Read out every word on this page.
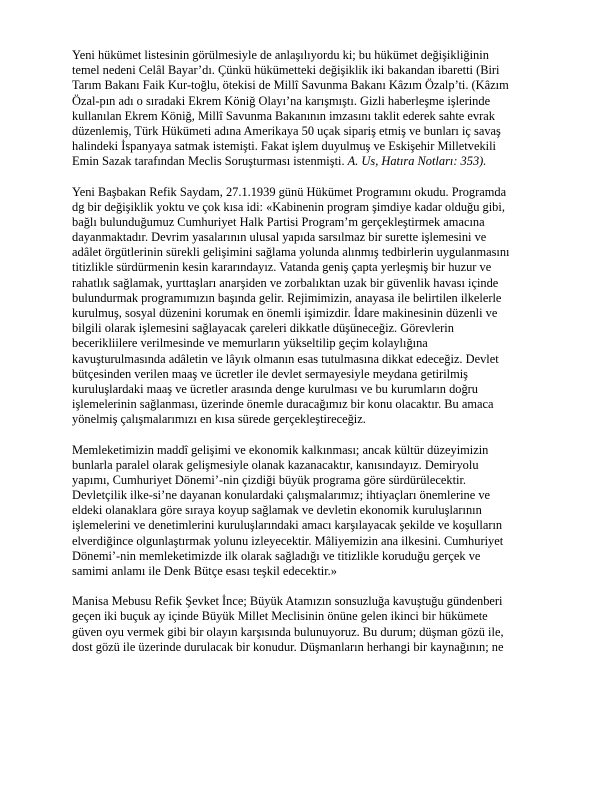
Yeni hükümet listesinin görülmesiyle de anlaşılıyordu ki; bu hükümet değişikliğinin
temel nedeni Celâl Bayar’dı. Çünkü hükümetteki değişiklik iki bakandan ibaretti (Biri
Tarım Bakanı Faik Kur-toğlu, ötekisi de Millî Savunma Bakanı Kâzım Özalp’ti. (Kâzım
Özal-pın adı o sıradaki Ekrem Köniğ Olayı’na karışmıştı. Gizli haberleşme işlerinde
kullanılan Ekrem Köniğ, Millî Savunma Bakanının imzasını taklit ederek sahte evrak
düzenlemiş, Türk Hükümeti adına Amerikaya 50 uçak sipariş etmiş ve bunları iç savaş
halindeki İspanyaya satmak istemişti. Fakat işlem duyulmuş ve Eskişehir Milletvekili
Emin Sazak tarafından Meclis Soruşturması istenmişti. A. Us, Hatıra Notları: 353).
Yeni Başbakan Refik Saydam, 27.1.1939 günü Hükümet Programını okudu. Programda
dg bir değişiklik yoktu ve çok kısa idi: «Kabinenin program şimdiye kadar olduğu gibi,
bağlı bulunduğumuz Cumhuriyet Halk Partisi Program’m gerçekleştirmek amacına
dayanmaktadır. Devrim yasalarının ulusal yapıda sarsılmaz bir surette işlemesini ve
adâlet örgütlerinin sürekli gelişimini sağlama yolunda alınmış tedbirlerin uygulanmasını
titizlikle sürdürmenin kesin kararındayız. Vatanda geniş çapta yerleşmiş bir huzur ve
rahatlık sağlamak, yurttaşları anarşiden ve zorbalıktan uzak bir güvenlik havası içinde
bulundurmak programımızın başında gelir. Rejimimizin, anayasa ile belirtilen ilkelerle
kurulmuş, sosyal düzenini korumak en önemli işimizdir. İdare makinesinin düzenli ve
bilgili olarak işlemesini sağlayacak çareleri dikkatle düşüneceğiz. Görevlerin
becerikliilere verilmesinde ve memurların yükseltilip geçim kolaylığına
kavuşturulmasında adâletin ve lâyık olmanın esas tutulmasına dikkat edeceğiz. Devlet
bütçesinden verilen maaş ve ücretler ile devlet sermayesiyle meydana getirilmiş
kuruluşlardaki maaş ve ücretler arasında denge kurulması ve bu kurumların doğru
işlemelerinin sağlanması, üzerinde önemle duracağımız bir konu olacaktır. Bu amaca
yönelmiş çalışmalarımızı en kısa sürede gerçekleştireceğiz.
Memleketimizin maddî gelişimi ve ekonomik kalkınması; ancak kültür düzeyimizin
bunlarla paralel olarak gelişmesiyle olanak kazanacaktır, kanısındayız. Demiryolu
yapımı, Cumhuriyet Dönemi’-nin çizdiği büyük programa göre sürdürülecektir.
Devletçilik ilke-si’ne dayanan konulardaki çalışmalarımız; ihtiyaçları önemlerine ve
eldeki olanaklara göre sıraya koyup sağlamak ve devletin ekonomik kuruluşlarının
işlemelerini ve denetimlerini kuruluşlarındaki amacı karşılayacak şekilde ve koşulların
elverdiğince olgunlaştırmak yolunu izleyecektir. Mâliyemizin ana ilkesini. Cumhuriyet
Dönemi’-nin memleketimizde ilk olarak sağladığı ve titizlikle koruduğu gerçek ve
samimi anlamı ile Denk Bütçe esası teşkil edecektir.»
Manisa Mebusu Refik Şevket İnce; Büyük Atamızın sonsuzluğa kavuştuğu gündenberi
geçen iki buçuk ay içinde Büyük Millet Meclisinin önüne gelen ikinci bir hükümete
güven oyu vermek gibi bir olayın karşısında bulunuyoruz. Bu durum; düşman gözü ile,
dost gözü ile üzerinde durulacak bir konudur. Düşmanların herhangi bir kaynağının; ne
